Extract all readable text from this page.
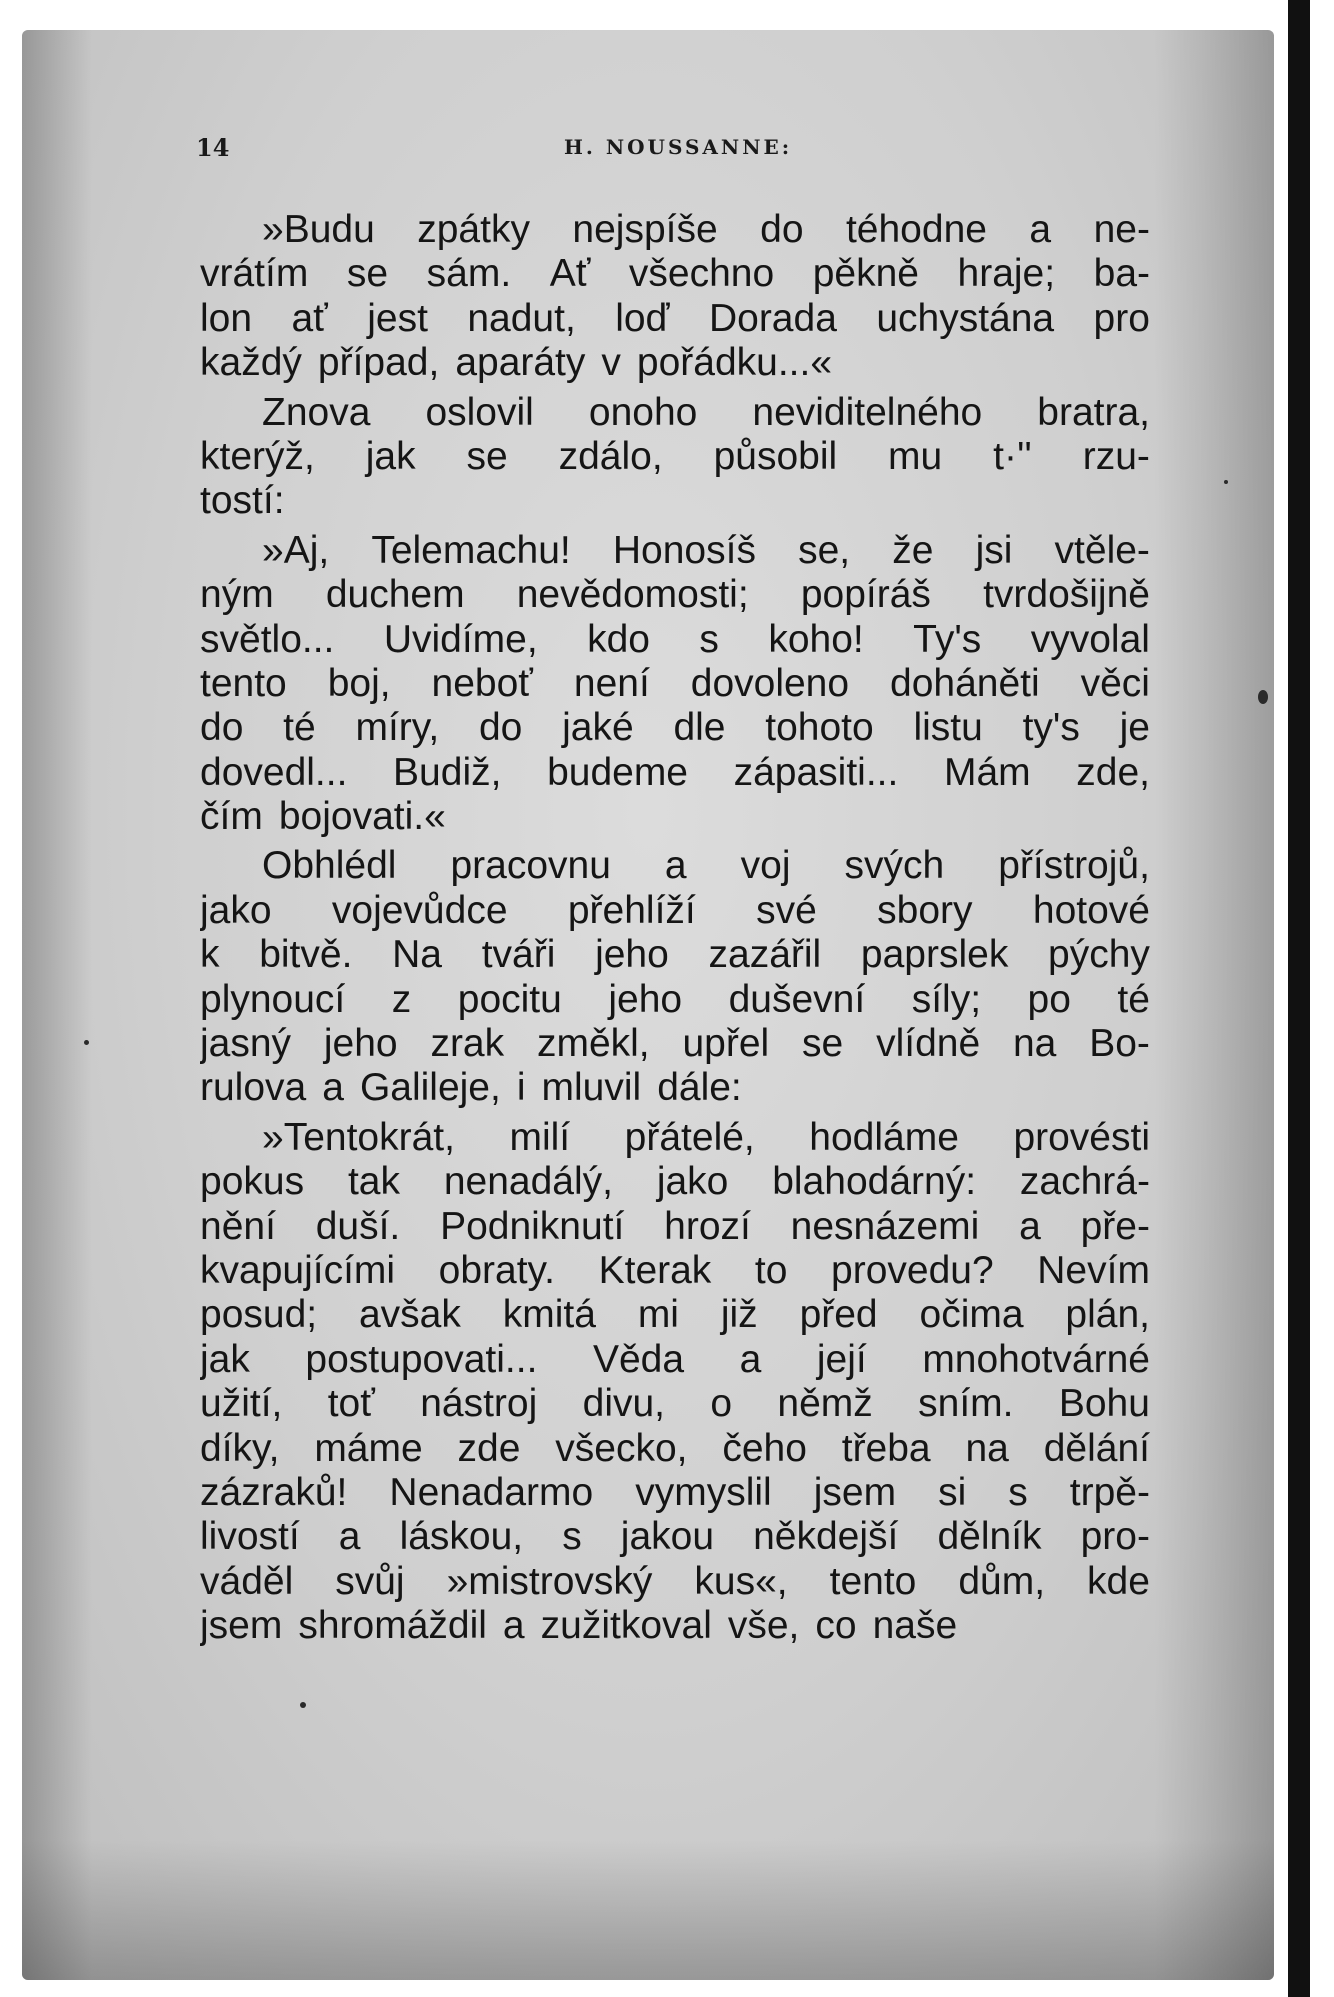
14	H. NOUSSANNE:
»Budu zpátky nejspíše do téhodne a ne-
vrátím se sám. Ať všechno pěkně hraje; ba-
lon ať jest nadut, loď Dorada uchystána pro
každý případ, aparáty v pořádku...«
Znova oslovil onoho neviditelného bratra,
kterýž, jak se zdálo, působil mu t·'' rzu-
tostí:
»Aj, Telemachu! Honosíš se, že jsi vtěle-
ným duchem nevědomosti; popíráš tvrdošijně
světlo... Uvidíme, kdo s koho! Ty's vyvolal
tento boj, neboť není dovoleno doháněti věci
do té míry, do jaké dle tohoto listu ty's je
dovedl... Budiž, budeme zápasiti... Mám zde,
čím bojovati.«
Obhlédl pracovnu a voj svých přístrojů,
jako vojevůdce přehlíží své sbory hotové
k bitvě. Na tváři jeho zazářil paprslek pýchy
plynoucí z pocitu jeho duševní síly; po té
jasný jeho zrak změkl, upřel se vlídně na Bo-
rulova a Galileje, i mluvil dále:
»Tentokrát, milí přátelé, hodláme provésti
pokus tak nenadálý, jako blahodárný: zachrá-
nění duší. Podniknutí hrozí nesnázemi a pře-
kvapujícími obraty. Kterak to provedu? Nevím
posud; avšak kmitá mi již před očima plán,
jak postupovati... Věda a její mnohotvárné
užití, toť nástroj divu, o němž sním. Bohu
díky, máme zde všecko, čeho třeba na dělání
zázraků! Nenadarmo vymyslil jsem si s trpě-
livostí a láskou, s jakou někdejší dělník pro-
váděl svůj »mistrovský kus«, tento dům, kde
jsem shromáždil a zužitkoval vše, co naše
